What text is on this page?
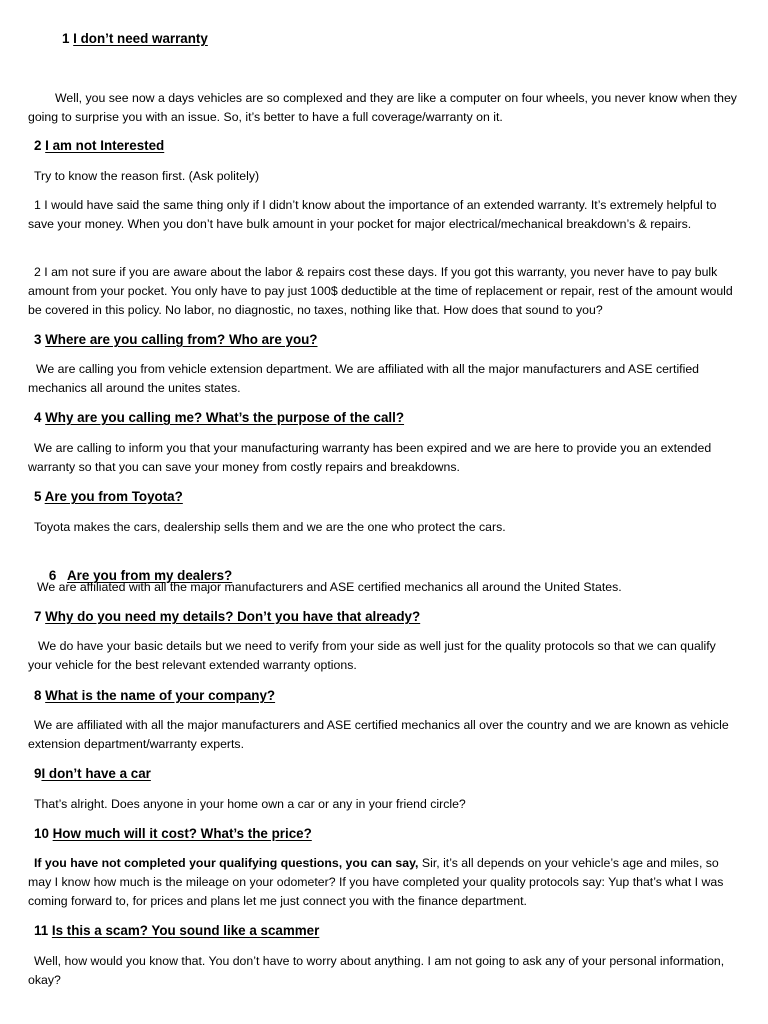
1 I don’t need warranty
Well, you see now a days vehicles are so complexed and they are like a computer on four wheels, you never know when they going to surprise you with an issue. So, it’s better to have a full coverage/warranty on it.
2 I am not Interested
Try to know the reason first. (Ask politely)
1 I would have said the same thing only if I didn’t know about the importance of an extended warranty. It’s extremely helpful to save your money. When you don’t have bulk amount in your pocket for major electrical/mechanical breakdown’s & repairs.
2 I am not sure if you are aware about the labor & repairs cost these days. If you got this warranty, you never have to pay bulk amount from your pocket. You only have to pay just 100$ deductible at the time of replacement or repair, rest of the amount would be covered in this policy. No labor, no diagnostic, no taxes, nothing like that. How does that sound to you?
3 Where are you calling from? Who are you?
We are calling you from vehicle extension department. We are affiliated with all the major manufacturers and ASE certified mechanics all around the unites states.
4 Why are you calling me? What’s the purpose of the call?
We are calling to inform you that your manufacturing warranty has been expired and we are here to provide you an extended warranty so that you can save your money from costly repairs and breakdowns.
5 Are you from Toyota?
Toyota makes the cars, dealership sells them and we are the one who protect the cars.

6   Are you from my dealers?

We are affiliated with all the major manufacturers and ASE certified mechanics all around the United States.
7 Why do you need my details? Don’t you have that already?
We do have your basic details but we need to verify from your side as well just for the quality protocols so that we can qualify your vehicle for the best relevant extended warranty options.
8 What is the name of your company?
We are affiliated with all the major manufacturers and ASE certified mechanics all over the country and we are known as vehicle extension department/warranty experts.
9I don’t have a car
That’s alright. Does anyone in your home own a car or any in your friend circle?
10 How much will it cost? What’s the price?
If you have not completed your qualifying questions, you can say, Sir, it’s all depends on your vehicle’s age and miles, so may I know how much is the mileage on your odometer? If you have completed your quality protocols say: Yup that’s what I was coming forward to, for prices and plans let me just connect you with the finance department.
11 Is this a scam? You sound like a scammer
Well, how would you know that. You don’t have to worry about anything. I am not going to ask any of your personal information, okay?
